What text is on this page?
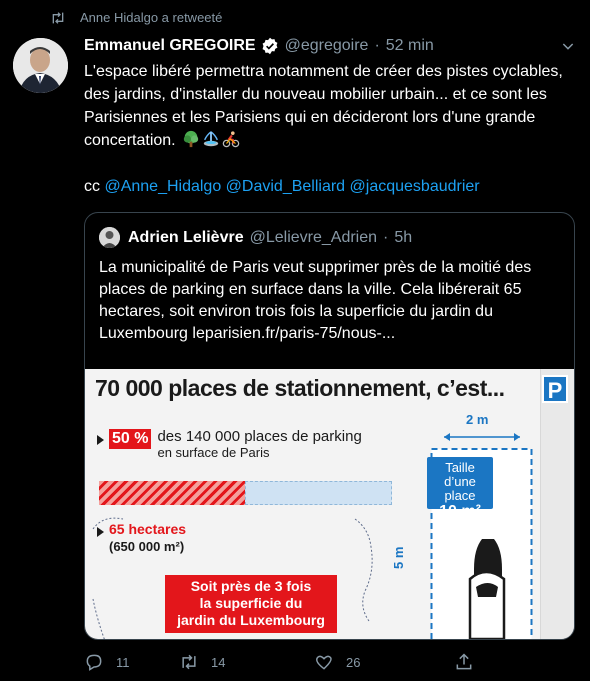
Anne Hidalgo a retweeté
Emmanuel GREGOIRE @egregoire · 52 min

L'espace libéré permettra notamment de créer des pistes cyclables, des jardins, d'installer du nouveau mobilier urbain... et ce sont les Parisiennes et les Parisiens qui en décideront lors d'une grande concertation.

cc @Anne_Hidalgo @David_Belliard @jacquesbaudrier

Adrien Lelièvre @Lelievre_Adrien · 5h
La municipalité de Paris veut supprimer près de la moitié des places de parking en surface dans la ville. Cela libérerait 65 hectares, soit environ trois fois la superficie du jardin du Luxembourg leparisien.fr/paris-75/nous-...
70 000 places de stationnement, c’est... P
50 % des 140 000 places de parking
en surface de Paris
65 hectares
(650 000 m²)
Soit près de 3 fois
la superficie du
jardin du Luxembourg
2 m
5 m
Taille
d’une place
10 m²
11	14	26
